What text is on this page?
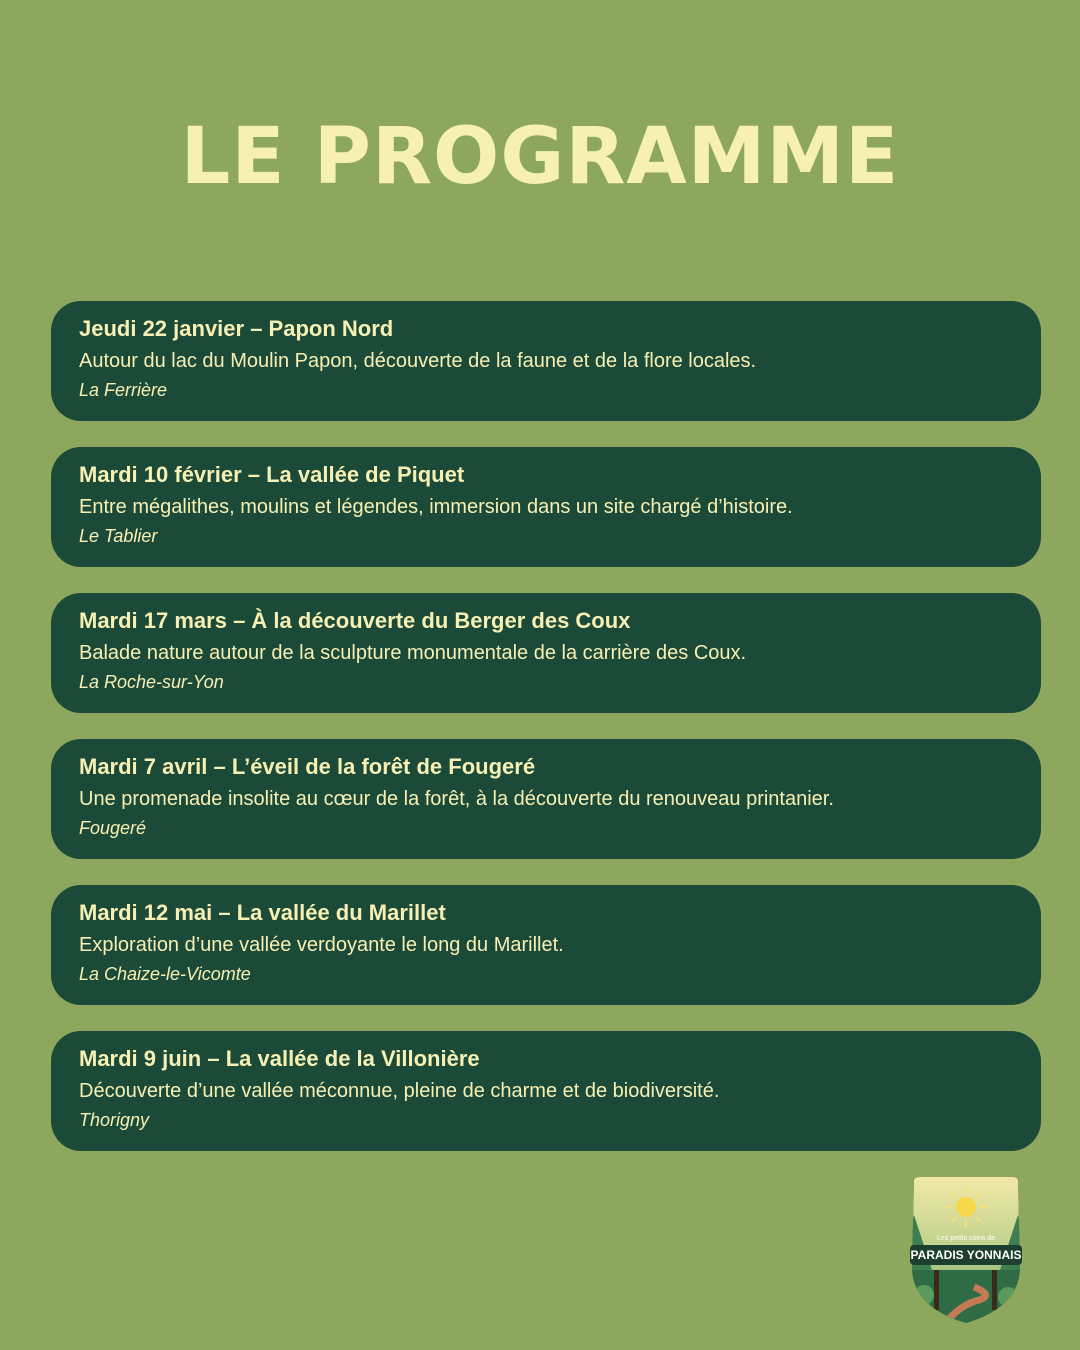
LE PROGRAMME
Jeudi 22 janvier – Papon Nord
Autour du lac du Moulin Papon, découverte de la faune et de la flore locales.
La Ferrière
Mardi 10 février – La vallée de Piquet
Entre mégalithes, moulins et légendes, immersion dans un site chargé d’histoire.
Le Tablier
Mardi 17 mars – À la découverte du Berger des Coux
Balade nature autour de la sculpture monumentale de la carrière des Coux.
La Roche-sur-Yon
Mardi 7 avril – L’éveil de la forêt de Fougeré
Une promenade insolite au cœur de la forêt, à la découverte du renouveau printanier.
Fougeré
Mardi 12 mai – La vallée du Marillet
Exploration d’une vallée verdoyante le long du Marillet.
La Chaize-le-Vicomte
Mardi 9 juin – La vallée de la Villonière
Découverte d’une vallée méconnue, pleine de charme et de biodiversité.
Thorigny
Les petits coins de
PARADIS YONNAIS
